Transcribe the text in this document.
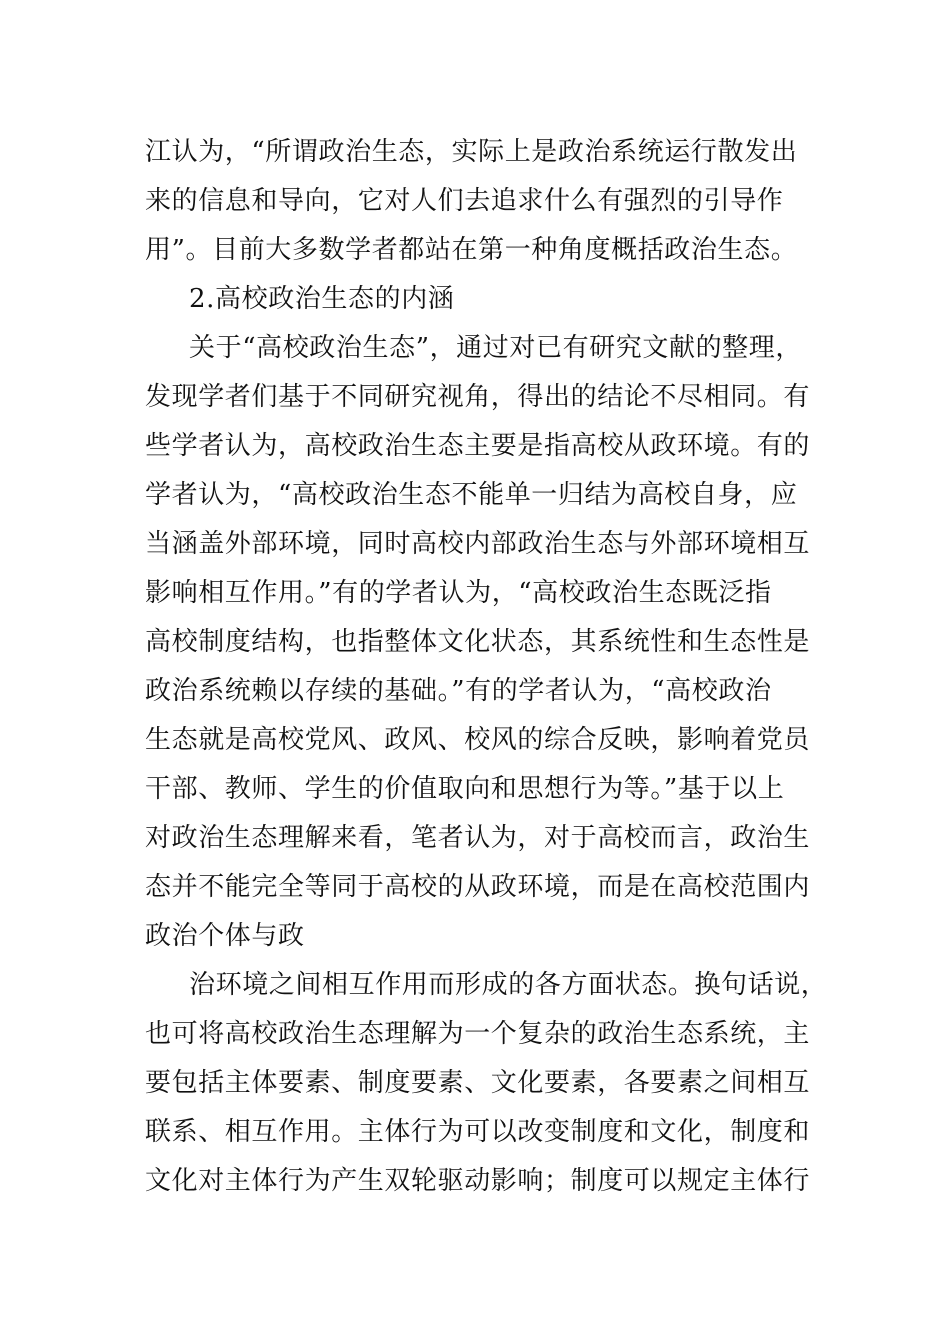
江认为，“所谓政治生态，实际上是政治系统运行散发出
来的信息和导向，它对人们去追求什么有强烈的引导作
用”。目前大多数学者都站在第一种角度概括政治生态。
2.高校政治生态的内涵
关于“高校政治生态”，通过对已有研究文献的整理，
发现学者们基于不同研究视角，得出的结论不尽相同。有
些学者认为，高校政治生态主要是指高校从政环境。有的
学者认为，“高校政治生态不能单一归结为高校自身，应
当涵盖外部环境，同时高校内部政治生态与外部环境相互
影响相互作用。”有的学者认为，“高校政治生态既泛指
高校制度结构，也指整体文化状态，其系统性和生态性是
政治系统赖以存续的基础。”有的学者认为，“高校政治
生态就是高校党风、政风、校风的综合反映，影响着党员
干部、教师、学生的价值取向和思想行为等。”基于以上
对政治生态理解来看，笔者认为，对于高校而言，政治生
态并不能完全等同于高校的从政环境，而是在高校范围内
政治个体与政
治环境之间相互作用而形成的各方面状态。换句话说，
也可将高校政治生态理解为一个复杂的政治生态系统，主
要包括主体要素、制度要素、文化要素，各要素之间相互
联系、相互作用。主体行为可以改变制度和文化，制度和
文化对主体行为产生双轮驱动影响；制度可以规定主体行
